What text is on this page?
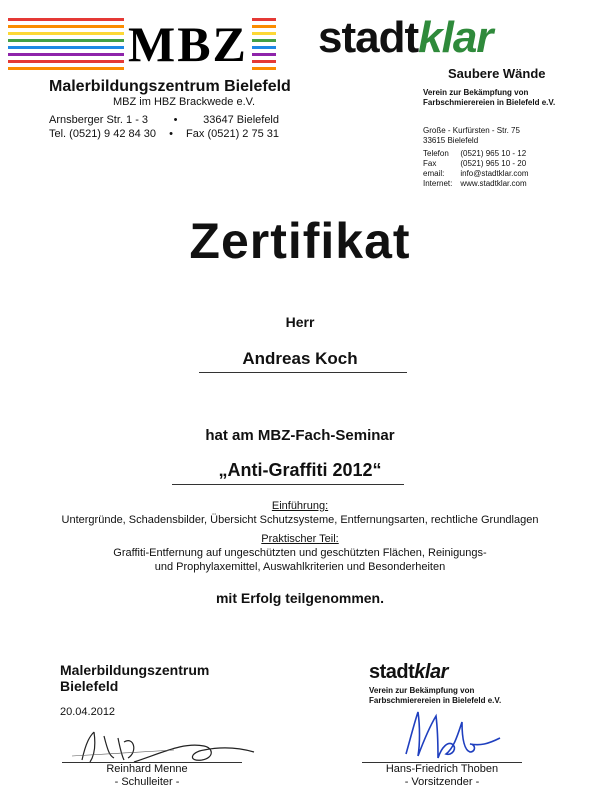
MBZ
Malerbildungszentrum Bielefeld
MBZ im HBZ Brackwede e.V.
Arnsberger Str. 1 - 3	•	33647 Bielefeld
Tel. (0521) 9 42 84 30	•	Fax (0521) 2 75 31
stadtklar
Saubere Wände
Verein zur Bekämpfung von Farbschmierereien in Bielefeld e.V.
Große - Kurfürsten - Str. 75
33615 Bielefeld
Telefon	(0521) 965 10 - 12
Fax	(0521) 965 10 - 20
email:	info@stadtklar.com
Internet:	www.stadtklar.com
Zertifikat
Herr
Andreas Koch
hat am MBZ-Fach-Seminar
„Anti-Graffiti 2012“
Einführung:
Untergründe, Schadensbilder, Übersicht Schutzsysteme, Entfernungsarten, rechtliche Grundlagen
Praktischer Teil:
Graffiti-Entfernung auf ungeschützten und geschützten Flächen, Reinigungs-
und Prophylaxemittel, Auswahlkriterien und Besonderheiten
mit Erfolg teilgenommen.
Malerbildungszentrum
Bielefeld
20.04.2012
Reinhard Menne
- Schulleiter -
stadtklar
Verein zur Bekämpfung von
Farbschmierereien in Bielefeld e.V.
Hans-Friedrich Thoben
- Vorsitzender -
